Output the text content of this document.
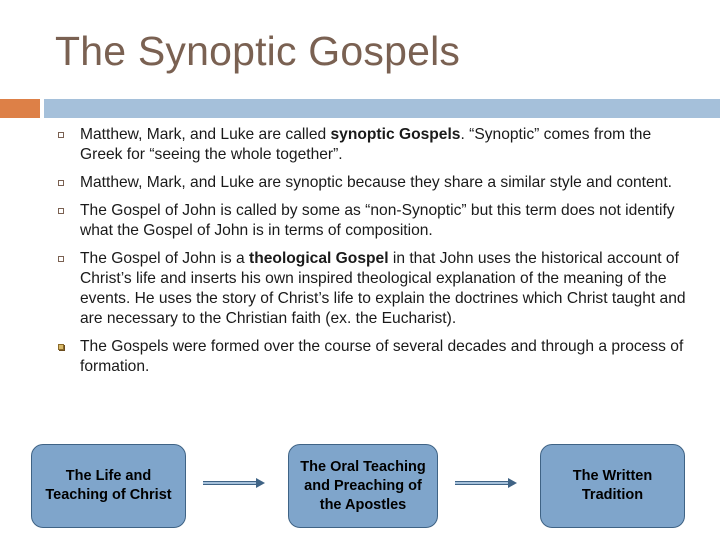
The Synoptic Gospels
Matthew, Mark, and Luke are called synoptic Gospels. “Synoptic” comes from the Greek for “seeing the whole together”.
Matthew, Mark, and Luke are synoptic because they share a similar style and content.
The Gospel of John is called by some as “non-Synoptic” but this term does not identify what the Gospel of John is in terms of composition.
The Gospel of John is a theological Gospel in that John uses the historical account of Christ’s life and inserts his own inspired theological explanation of the meaning of the events. He uses the story of Christ’s life to explain the doctrines which Christ taught and are necessary to the Christian faith (ex. the Eucharist).
The Gospels were formed over the course of several decades and through a process of formation.
The Life and Teaching of Christ
The Oral Teaching and Preaching of the Apostles
The Written Tradition
